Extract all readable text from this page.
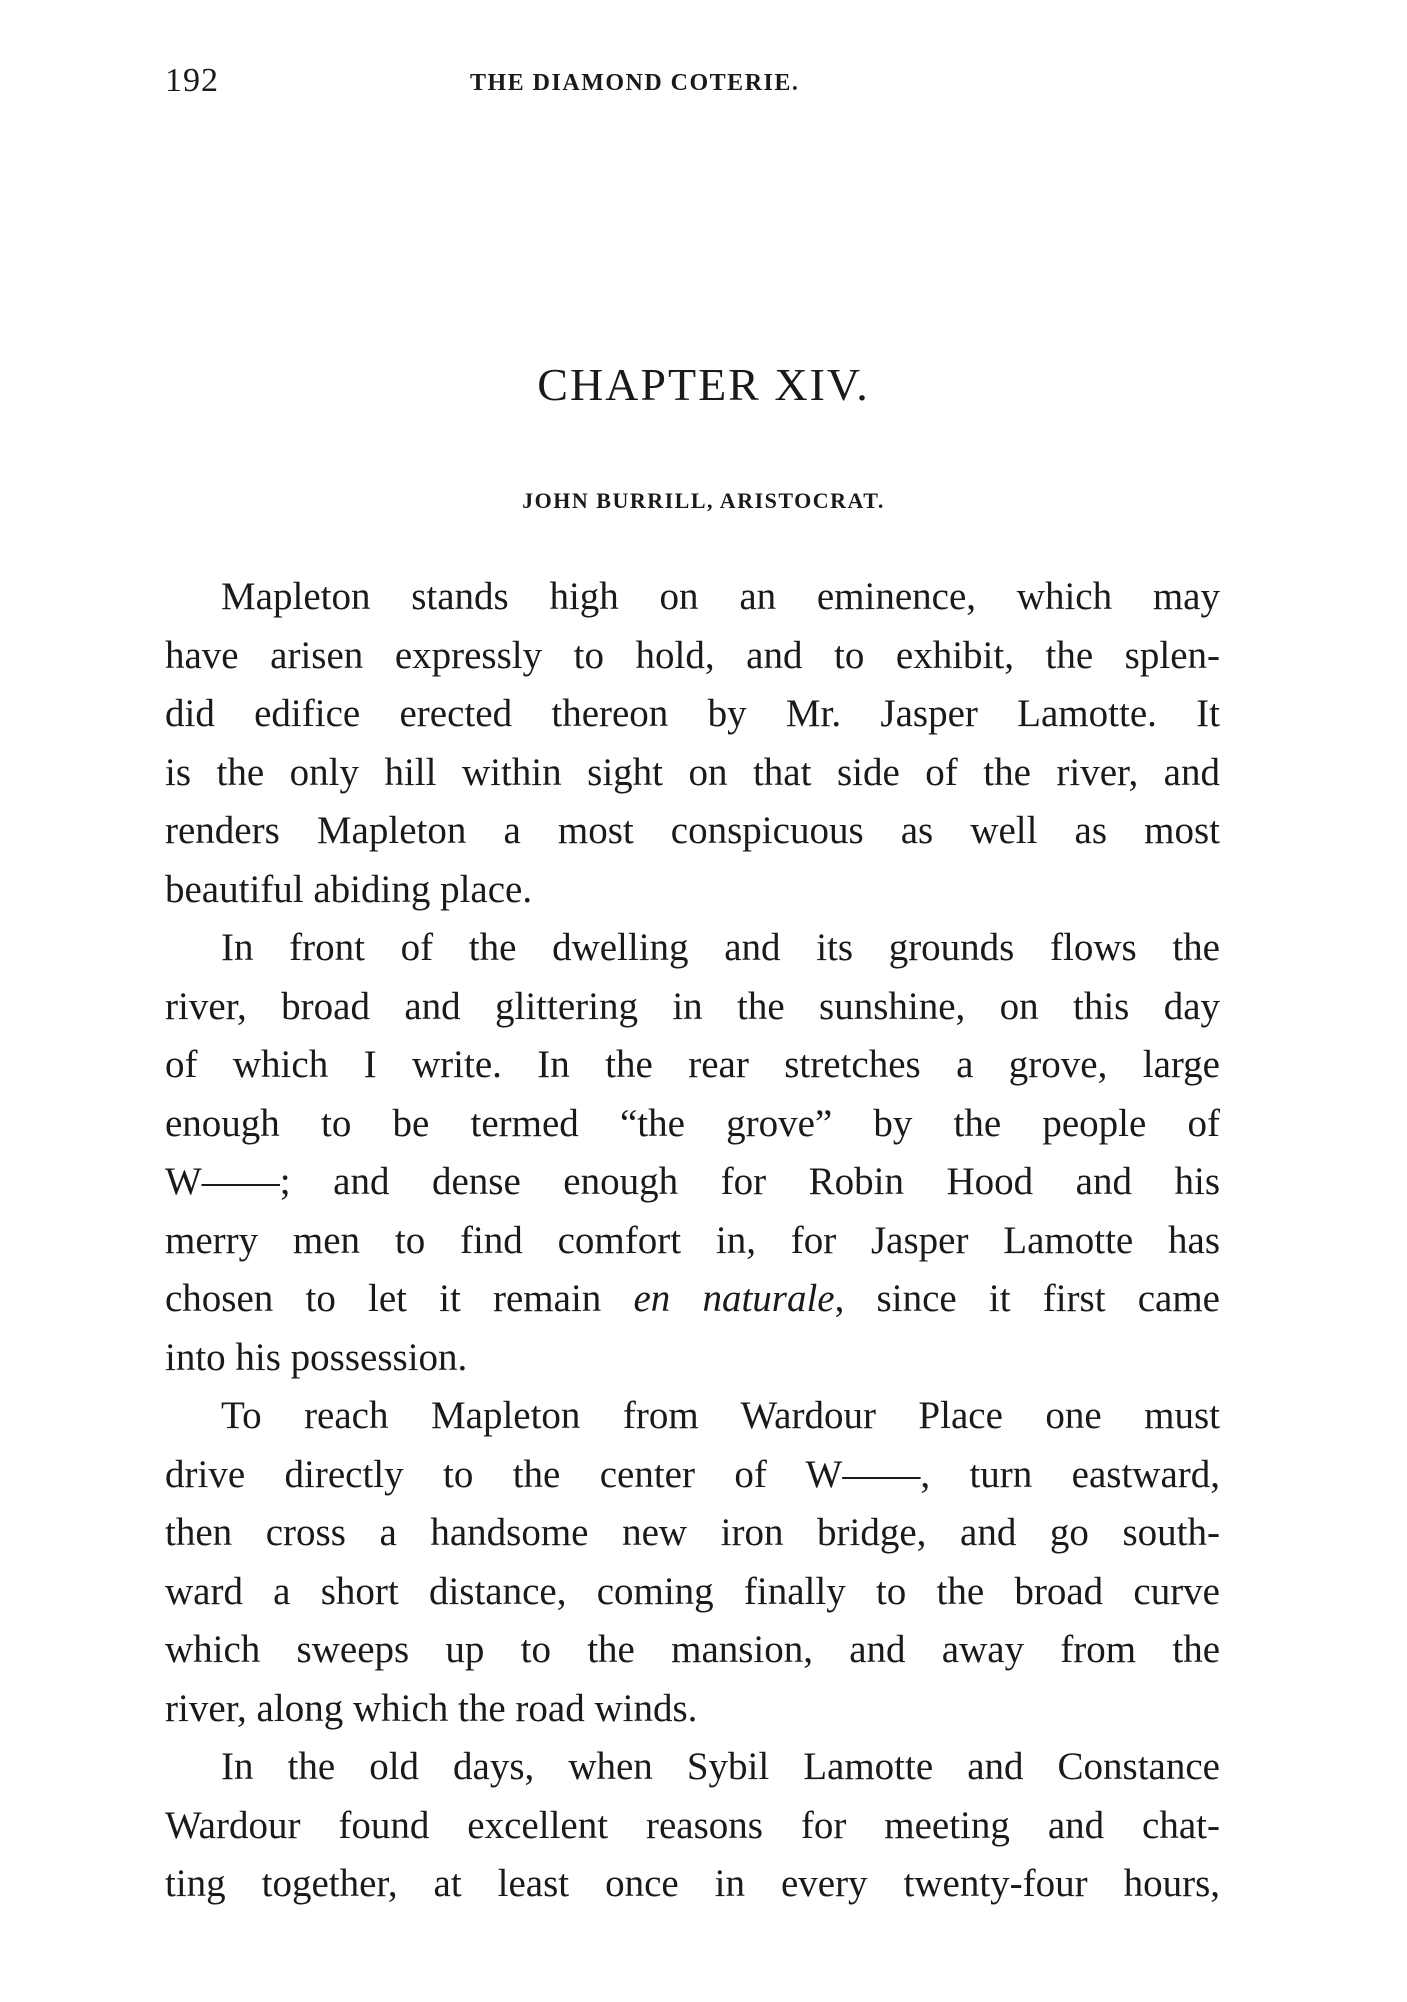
192	THE DIAMOND COTERIE.
CHAPTER XIV.
JOHN BURRILL, ARISTOCRAT.
Mapleton stands high on an eminence, which may
have arisen expressly to hold, and to exhibit, the splen-
did edifice erected thereon by Mr. Jasper Lamotte. It
is the only hill within sight on that side of the river, and
renders Mapleton a most conspicuous as well as most
beautiful abiding place.
In front of the dwelling and its grounds flows the
river, broad and glittering in the sunshine, on this day
of which I write. In the rear stretches a grove, large
enough to be termed “the grove” by the people of
W——; and dense enough for Robin Hood and his
merry men to find comfort in, for Jasper Lamotte has
chosen to let it remain en naturale, since it first came
into his possession.
To reach Mapleton from Wardour Place one must
drive directly to the center of W——, turn eastward,
then cross a handsome new iron bridge, and go south-
ward a short distance, coming finally to the broad curve
which sweeps up to the mansion, and away from the
river, along which the road winds.
In the old days, when Sybil Lamotte and Constance
Wardour found excellent reasons for meeting and chat-
ting together, at least once in every twenty-four hours,
